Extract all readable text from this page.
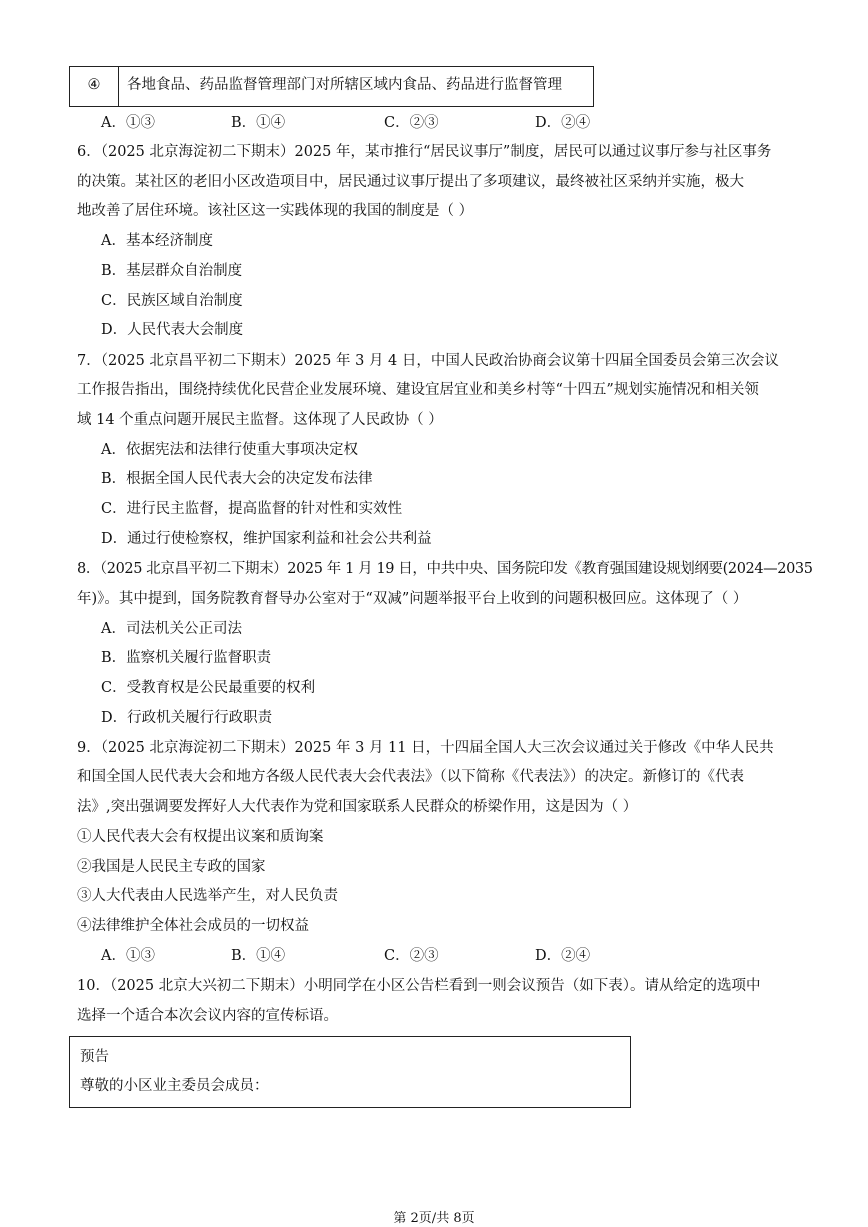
④	各地食品、药品监督管理部门对所辖区域内食品、药品进行监督管理
A．①③	B．①④	C．②③	D．②④
6．（2025 北京海淀初二下期末）2025 年，某市推行“居民议事厅”制度，居民可以通过议事厅参与社区事务
的决策。某社区的老旧小区改造项目中，居民通过议事厅提出了多项建议，最终被社区采纳并实施，极大
地改善了居住环境。该社区这一实践体现的我国的制度是（ ）
A．基本经济制度
B．基层群众自治制度
C．民族区域自治制度
D．人民代表大会制度
7．（2025 北京昌平初二下期末）2025 年 3 月 4 日，中国人民政治协商会议第十四届全国委员会第三次会议
工作报告指出，围绕持续优化民营企业发展环境、建设宜居宜业和美乡村等“十四五”规划实施情况和相关领
域 14 个重点问题开展民主监督。这体现了人民政协（ ）
A．依据宪法和法律行使重大事项决定权
B．根据全国人民代表大会的决定发布法律
C．进行民主监督，提高监督的针对性和实效性
D．通过行使检察权，维护国家利益和社会公共利益
8．（2025 北京昌平初二下期末）2025 年 1 月 19 日，中共中央、国务院印发《教育强国建设规划纲要(2024—2035
年)》。其中提到，国务院教育督导办公室对于“双减”问题举报平台上收到的问题积极回应。这体现了（ ）
A．司法机关公正司法
B．监察机关履行监督职责
C．受教育权是公民最重要的权利
D．行政机关履行行政职责
9．（2025 北京海淀初二下期末）2025 年 3 月 11 日，十四届全国人大三次会议通过关于修改《中华人民共
和国全国人民代表大会和地方各级人民代表大会代表法》（以下简称《代表法》）的决定。新修订的《代表
法》,突出强调要发挥好人大代表作为党和国家联系人民群众的桥梁作用，这是因为（ ）
①人民代表大会有权提出议案和质询案
②我国是人民民主专政的国家
③人大代表由人民选举产生，对人民负责
④法律维护全体社会成员的一切权益
A．①③	B．①④	C．②③	D．②④
10．（2025 北京大兴初二下期末）小明同学在小区公告栏看到一则会议预告（如下表）。请从给定的选项中
选择一个适合本次会议内容的宣传标语。
预告
尊敬的小区业主委员会成员：
第 2页/共 8页
